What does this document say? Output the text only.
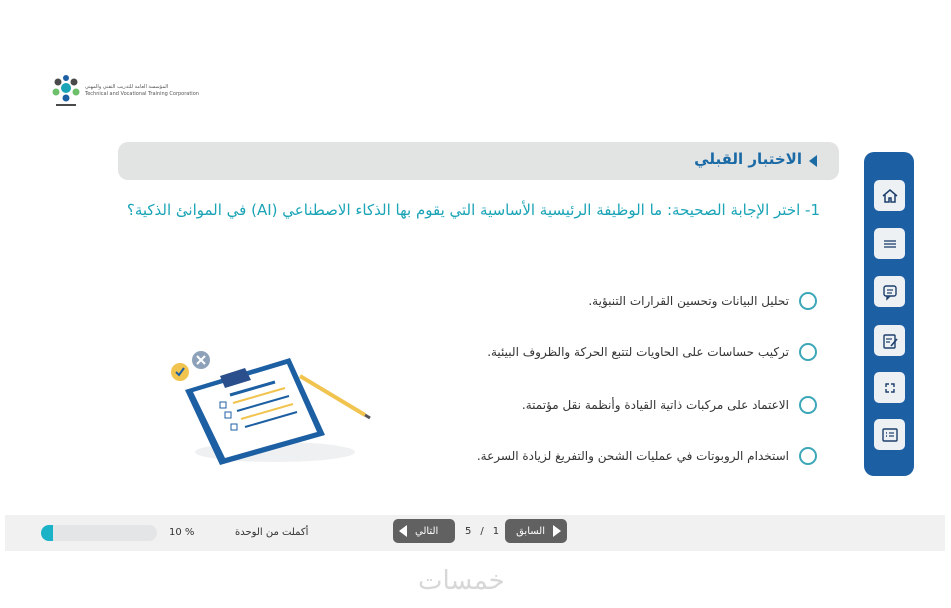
المؤسسة العامة للتدريب التقني والمهني
Technical and Vocational Training Corporation
الاختبار القبلي
1- اختر الإجابة الصحيحة: ما الوظيفة الرئيسية الأساسية التي يقوم بها الذكاء الاصطناعي (AI) في الموانئ الذكية؟
تحليل البيانات وتحسين القرارات التنبؤية.
تركيب حساسات على الحاويات لتتبع الحركة والظروف البيئية.
الاعتماد على مركبات ذاتية القيادة وأنظمة نقل مؤتمتة.
استخدام الروبوتات في عمليات الشحن والتفريغ لزيادة السرعة.
10 %	أكملت من الوحدة	التالي	5 / 1 السابق
خمسات
